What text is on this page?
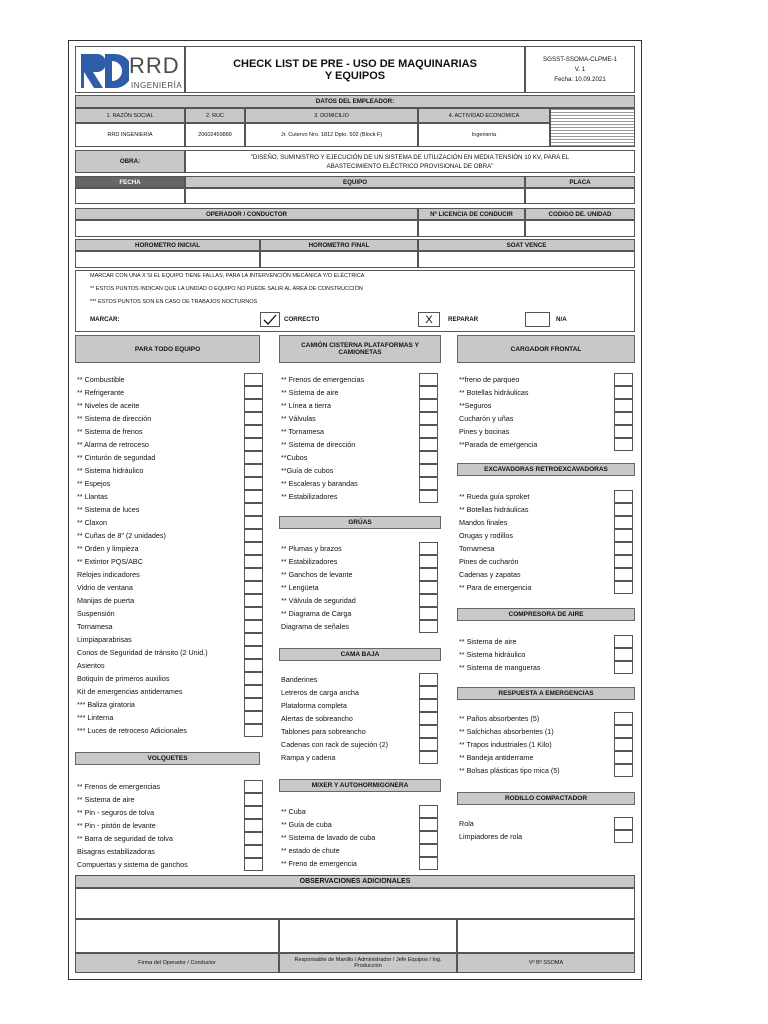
RRD
INGENIERÍA
CHECK LIST DE PRE - USO DE MAQUINARIAS
Y EQUIPOS
SGSST-SSOMA-CLPME-1
V. 1
Fecha: 10.09.2021
DATOS DEL EMPLEADOR:
1. RAZÓN SOCIAL	2. RUC	3. DOMICILIO	4. ACTIVIDAD ECONOMICA
RRD INGENIERÍA	20602459889	Jr. Cutervo Nro. 1812 Dpto. 502 (Block F)	Ingeniería
OBRA:
"DISEÑO, SUMINISTRO Y EJECUCIÓN DE UN SISTEMA DE UTILIZACIÓN EN MEDIA TENSIÓN 10 KV, PARA EL
ABASTECIMIENTO ELÉCTRICO PROVISIONAL DE OBRA"
FECHA	EQUIPO	PLACA
OPERADOR / CONDUCTOR	Nº LICENCIA DE CONDUCIR	CODIGO DE. UNIDAD
HOROMETRO INICIAL	HOROMETRO FINAL	SOAT VENCE
MARCAR CON UNA X SI EL EQUIPO TIENE FALLAS, PARA LA INTERVENCIÓN MECÁNICA Y/O ELÉCTRICA
** ESTOS PUNTOS INDICAN QUE LA UNIDAD O EQUIPO NO PUEDE SALIR AL ÁREA DE CONSTRUCCIÓN
*** ESTOS PUNTOS SON EN CASO DE TRABAJOS NOCTURNOS
MARCAR:	CORRECTO	X	REPARAR	N/A
PARA TODO EQUIPO
** Combustible
** Refrigerante
** Niveles de aceite
** Sistema de dirección
** Sistema de frenos
** Alarma de retroceso
** Cinturón de seguridad
** Sistema hidráulico
** Espejos
** Llantas
** Sistema de luces
** Claxon
** Cuñas de 8" (2 unidades)
** Orden y limpieza
** Extintor PQS/ABC
Relojes indicadores
Vidrio de ventana
Manijas de puerta
Suspensión
Tornamesa
Limpiaparabrisas
Conos de Seguridad de tránsito (2 Unid.)
Asientos
Botiquín de primeros auxilios
Kit de emergencias antiderrames
*** Baliza giratoria
*** Linterna
*** Luces de retroceso Adicionales
VOLQUETES
** Frenos de emergencias
** Sistema de aire
** Pin - seguros de tolva
** Pin - pistón de levante
** Barra de seguridad de tolva
Bisagras estabilizadoras
Compuertas y sistema de ganchos
CAMIÓN CISTERNA PLATAFORMAS Y CAMIONETAS
** Frenos de emergencias
** Sistema de aire
** Línea a tierra
** Válvulas
** Tornamesa
** Sistema de dirección
**Cubos
**Guía de cubos
** Escaleras y barandas
** Estabilizadores
GRÚAS
** Plumas y brazos
** Estabilizadores
** Ganchos de levante
** Lengüeta
** Válvula de seguridad
** Diagrama de Carga
Diagrama de señales
CAMA BAJA
Banderines
Letreros de carga ancha
Plataforma completa
Alertas de sobreancho
Tablones para sobreancho
Cadenas con rack de sujeción (2)
Rampa y cadena
MIXER Y AUTOHORMIGONERA
** Cuba
** Guía de cuba
** Sistema de lavado de cuba
** estado de chute
** Freno de emergencia
CARGADOR FRONTAL
**freno de parqueo
** Botellas hidráulicas
**Seguros
Cucharón y uñas
Pines y bocinas
**Parada de emergencia
EXCAVADORAS RETROEXCAVADORAS
** Rueda guía sproket
** Botellas hidráulicas
Mandos finales
Orugas y rodillos
Tornamesa
Pines de cucharón
Cadenas y zapatas
** Para de emergencia
COMPRESORA DE AIRE
** Sistema de aire
** Sistema hidráulico
** Sistema de mangueras
RESPUESTA A EMERGENCIAS
** Paños absorbentes (5)
** Salchichas absorbentes (1)
** Trapos industriales (1 Kilo)
** Bandeja antiderrame
** Bolsas plásticas tipo mica (5)
RODILLO COMPACTADOR
Rola
Limpiadores de rola
OBSERVACIONES ADICIONALES
Firma del Operador / Conductor	Responsable de Manillo / Administrador / Jefe Equipos / Ing. Producción	Vº Bº SSOMA
